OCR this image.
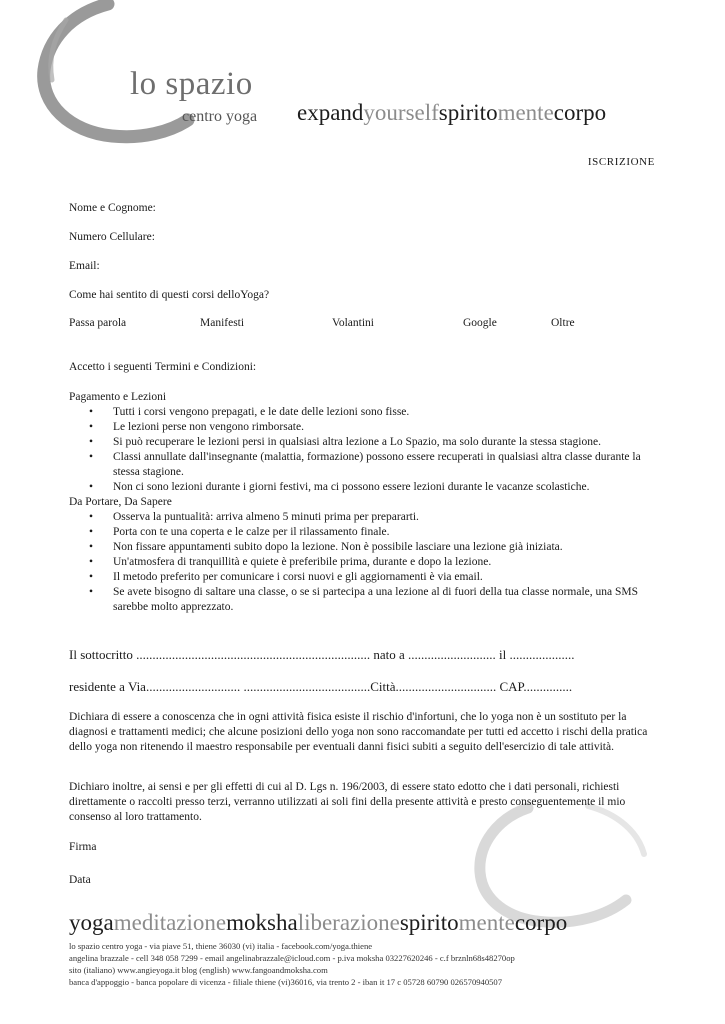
lo spazio
centro yoga expandyourselfspiritomentecorpo
ISCRIZIONE
Nome e Cognome:
Numero Cellulare:
Email:
Come hai sentito di questi corsi delloYoga?
Passa parola	Manifesti	Volantini	Google	Oltre
Accetto i seguenti Termini e Condizioni:
Pagamento e Lezioni
• Tutti i corsi vengono prepagati, e le date delle lezioni sono fisse.
• Le lezioni perse non vengono rimborsate.
• Si può recuperare le lezioni persi in qualsiasi altra lezione a Lo Spazio, ma solo durante la stessa stagione.
• Classi annullate dall'insegnante (malattia, formazione) possono essere recuperati in qualsiasi altra classe durante la stessa stagione.
• Non ci sono lezioni durante i giorni festivi, ma ci possono essere lezioni durante le vacanze scolastiche.
Da Portare, Da Sapere
• Osserva la puntualità: arriva almeno 5 minuti prima per prepararti.
• Porta con te una coperta e le calze per il rilassamento finale.
• Non fissare appuntamenti subito dopo la lezione. Non è possibile lasciare una lezione già iniziata.
• Un'atmosfera di tranquillità e quiete è preferibile prima, durante e dopo la lezione.
• Il metodo preferito per comunicare i corsi nuovi e gli aggiornamenti è via email.
• Se avete bisogno di saltare una classe, o se si partecipa a una lezione al di fuori della tua classe normale, una SMS sarebbe molto apprezzato.
Il sottocritto ........................................................................ nato a ........................... il ....................
residente a Via............................. .......................................Città............................... CAP...............
Dichiara di essere a conoscenza che in ogni attività fisica esiste il rischio d'infortuni, che lo yoga non è un sostituto per la diagnosi e trattamenti medici; che alcune posizioni dello yoga non sono raccomandate per tutti ed accetto i rischi della pratica dello yoga non ritenendo il maestro responsabile per eventuali danni fisici subiti a seguito dell'esercizio di tale attività.
Dichiaro inoltre, ai sensi e per gli effetti di cui al D. Lgs n. 196/2003, di essere stato edotto che i dati personali, richiesti direttamente o raccolti presso terzi, verranno utilizzati ai soli fini della presente attività e presto conseguentemente il mio consenso al loro trattamento.
Firma
Data
yogameditazionemokshaliberazionespiritomentecorpo
lo spazio centro yoga - via piave 51, thiene 36030 (vi) italia - facebook.com/yoga.thiene
angelina brazzale - cell 348 058 7299 - email angelinabrazzale@icloud.com - p.iva moksha 03227620246 - c.f brznln68s48270op
sito (italiano) www.angieyoga.it blog (english) www.fangoandmoksha.com
banca d'appoggio - banca popolare di vicenza - filiale thiene (vi)36016, via trento 2 - iban it 17 c 05728 60790 026570940507
